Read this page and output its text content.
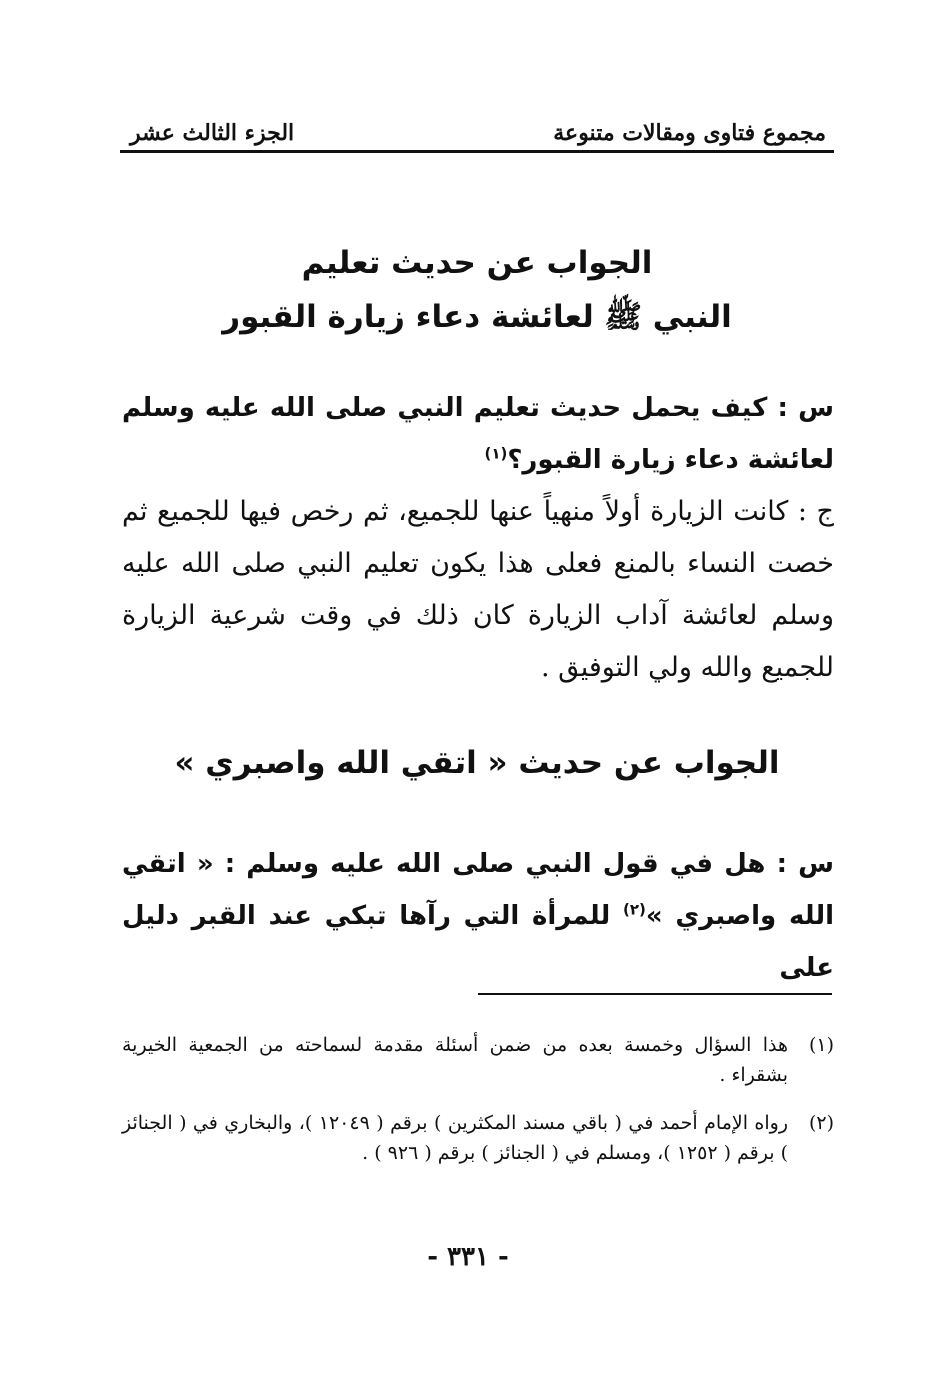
مجموع فتاوى ومقالات متنوعة
الجزء الثالث عشر
الجواب عن حديث تعليم
النبي ﷺ لعائشة دعاء زيارة القبور
س : كيف يحمل حديث تعليم النبي صلى الله عليه وسلم لعائشة دعاء زيارة القبور؟$^{(١)}$
ج : كانت الزيارة أولاً منهياً عنها للجميع، ثم رخص فيها للجميع ثم خصت النساء بالمنع فعلى هذا يكون تعليم النبي صلى الله عليه وسلم لعائشة آداب الزيارة كان ذلك في وقت شرعية الزيارة للجميع والله ولي التوفيق .
الجواب عن حديث « اتقي الله واصبري »
س : هل في قول النبي صلى الله عليه وسلم : « اتقي الله واصبري »$^{(٢)}$ للمرأة التي رآها تبكي عند القبر دليل على
(١)
هذا السؤال وخمسة بعده من ضمن أسئلة مقدمة لسماحته من الجمعية الخيرية بشقراء .
(٢)
رواه الإمام أحمد في ( باقي مسند المكثرين ) برقم ( ١٢٠٤٩ )، والبخاري في ( الجنائز ) برقم ( ١٢٥٢ )، ومسلم في ( الجنائز ) برقم ( ٩٢٦ ) .
- ٣٣١ -
